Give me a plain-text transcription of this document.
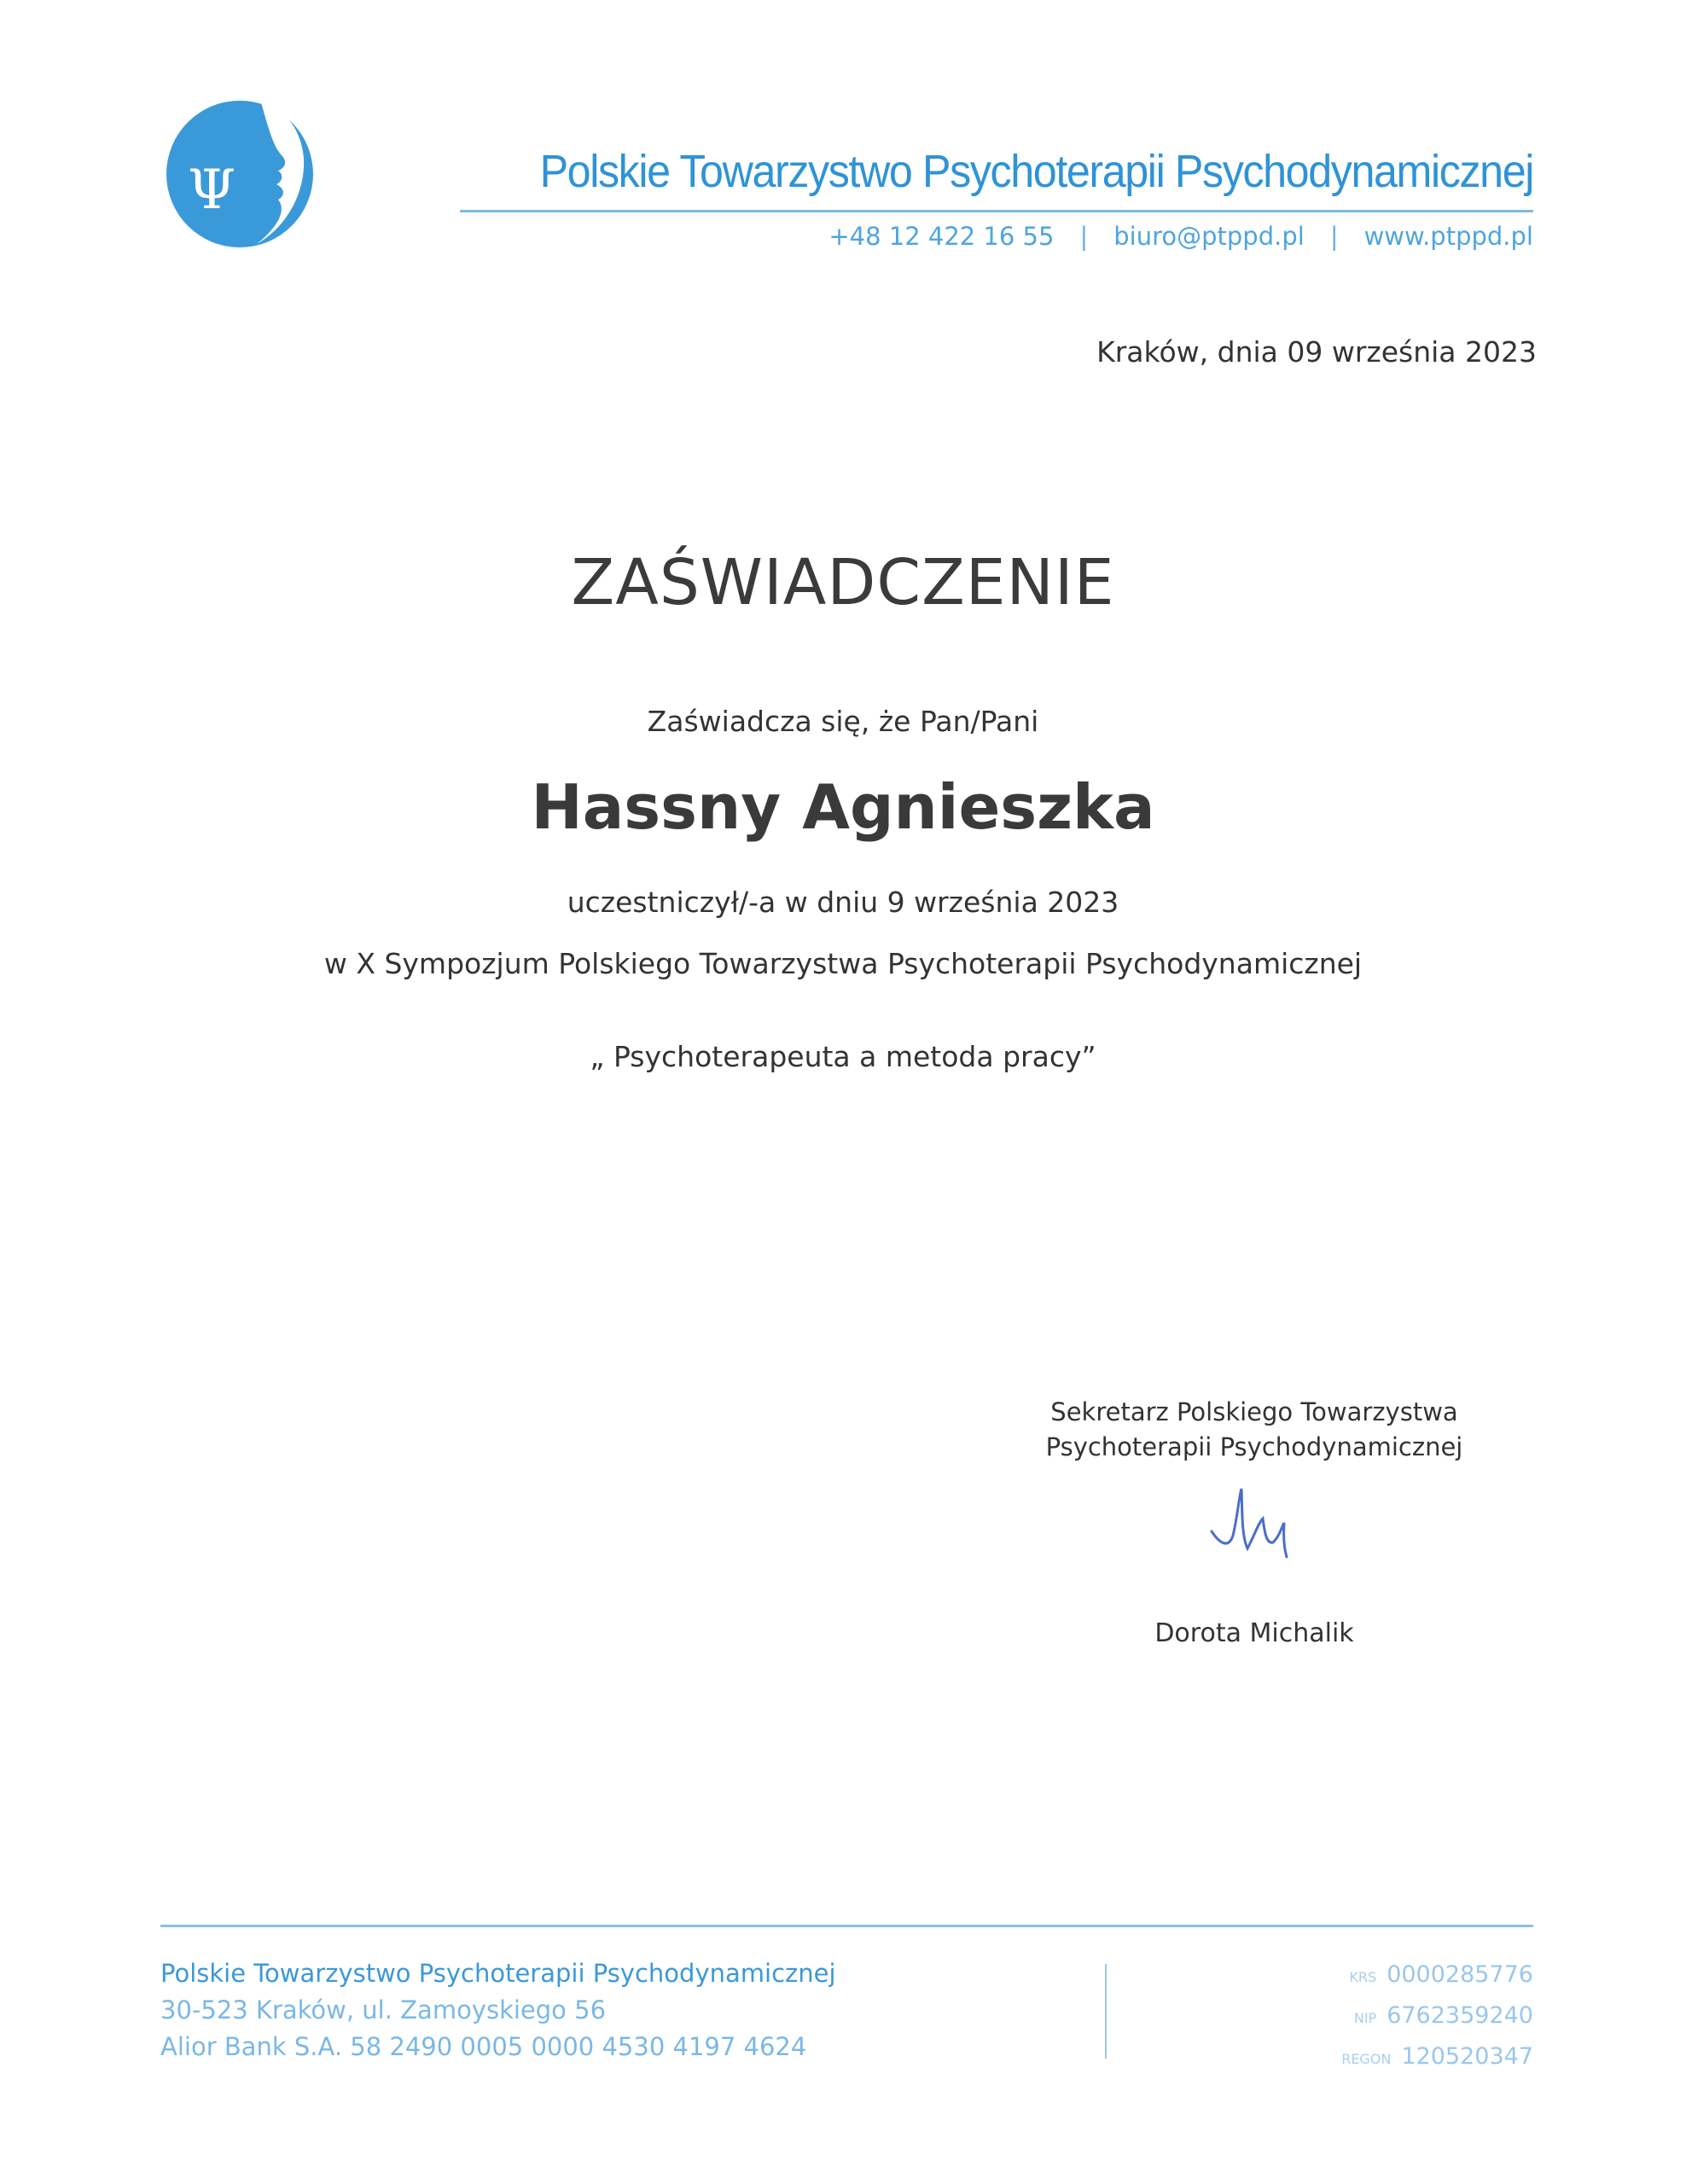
Ψ	Polskie Towarzystwo Psychoterapii Psychodynamicznej
+48 12 422 16 55 | biuro@ptppd.pl | www.ptppd.pl
Kraków, dnia 09 września 2023
ZAŚWIADCZENIE
Zaświadcza się, że Pan/Pani
Hassny Agnieszka
uczestniczył/-a w dniu 9 września 2023
w X Sympozjum Polskiego Towarzystwa Psychoterapii Psychodynamicznej
„ Psychoterapeuta a metoda pracy”
Sekretarz Polskiego Towarzystwa
Psychoterapii Psychodynamicznej
Dorota Michalik
Polskie Towarzystwo Psychoterapii Psychodynamicznej
30-523 Kraków, ul. Zamoyskiego 56
Alior Bank S.A. 58 2490 0005 0000 4530 4197 4624
KRS 0000285776
NIP 6762359240
REGON 120520347
